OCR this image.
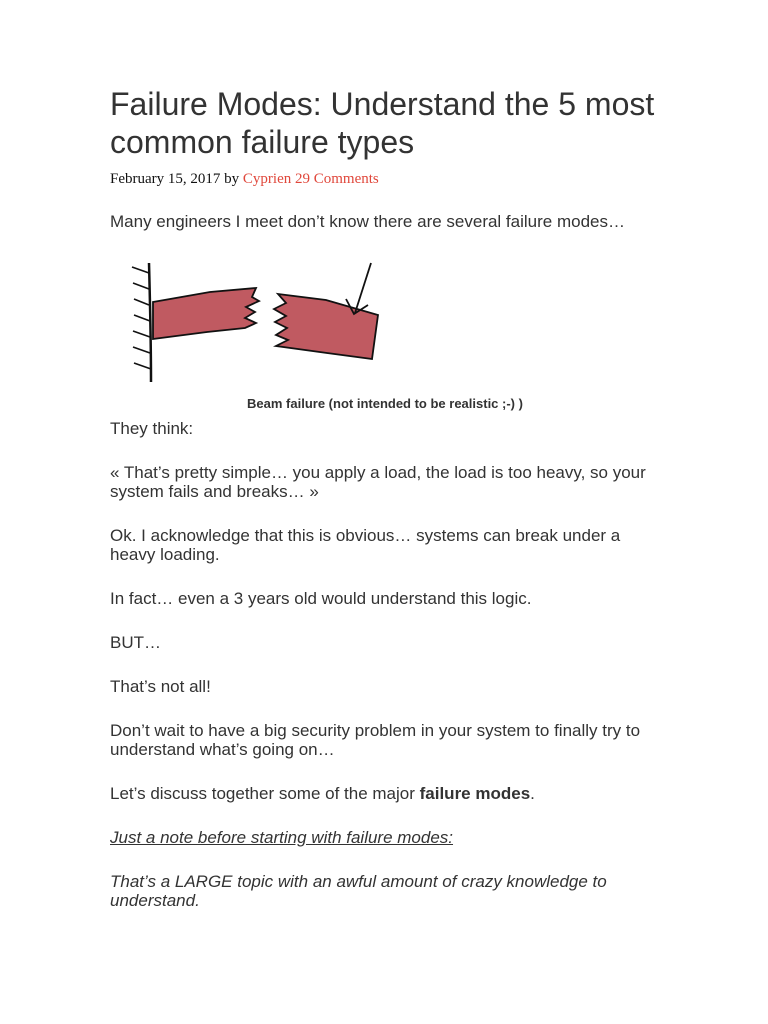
Failure Modes: Understand the 5 most common failure types
February 15, 2017 by Cyprien 29 Comments

Many engineers I meet don’t know there are several failure modes…

Beam failure (not intended to be realistic ;-) )

They think:

« That’s pretty simple… you apply a load, the load is too heavy, so your system fails and breaks… »

Ok. I acknowledge that this is obvious… systems can break under a heavy loading.

In fact… even a 3 years old would understand this logic.

BUT…

That’s not all!

Don’t wait to have a big security problem in your system to finally try to understand what’s going on…

Let’s discuss together some of the major failure modes.

Just a note before starting with failure modes:

That’s a LARGE topic with an awful amount of crazy knowledge to understand.
